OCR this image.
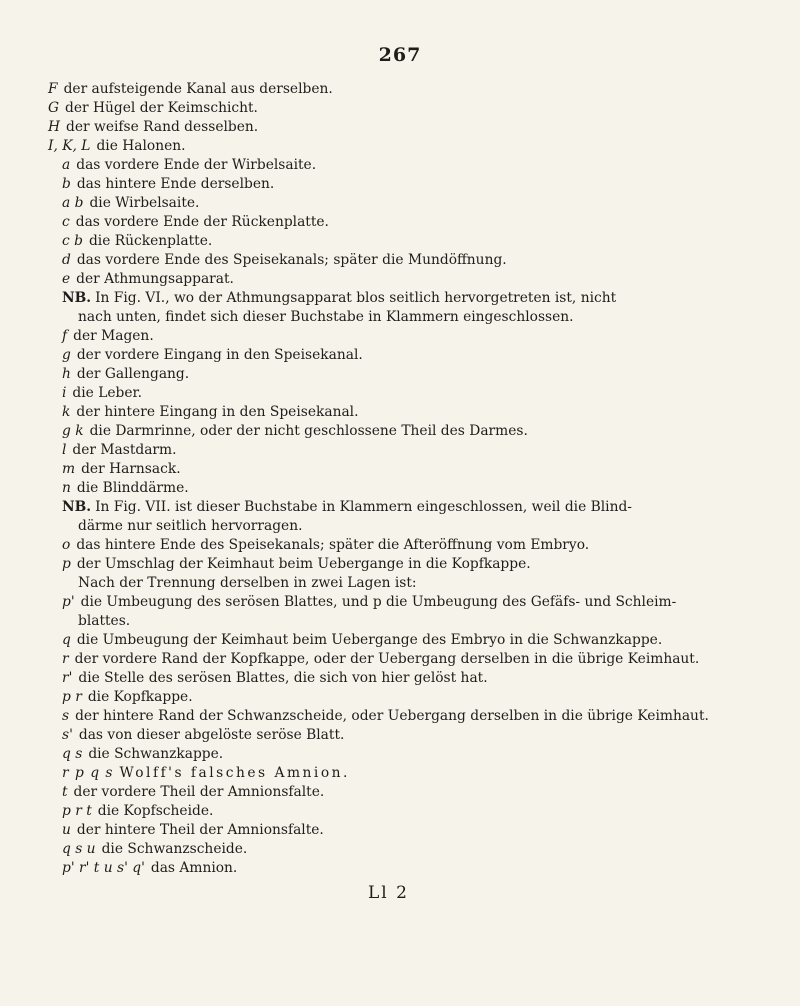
267
F der aufsteigende Kanal aus derselben.
G der Hügel der Keimschicht.
H der weifse Rand desselben.
I, K, L die Halonen.
a das vordere Ende der Wirbelsaite.
b das hintere Ende derselben.
a b die Wirbelsaite.
c das vordere Ende der Rückenplatte.
c b die Rückenplatte.
d das vordere Ende des Speisekanals; später die Mundöffnung.
e der Athmungsapparat.
NB. In Fig. VI., wo der Athmungsapparat blos seitlich hervorgetreten ist, nicht
nach unten, findet sich dieser Buchstabe in Klammern eingeschlossen.
f der Magen.
g der vordere Eingang in den Speisekanal.
h der Gallengang.
i die Leber.
k der hintere Eingang in den Speisekanal.
g k die Darmrinne, oder der nicht geschlossene Theil des Darmes.
l der Mastdarm.
m der Harnsack.
n die Blinddärme.
NB. In Fig. VII. ist dieser Buchstabe in Klammern eingeschlossen, weil die Blind-
därme nur seitlich hervorragen.
o das hintere Ende des Speisekanals; später die Afteröffnung vom Embryo.
p der Umschlag der Keimhaut beim Uebergange in die Kopfkappe.
Nach der Trennung derselben in zwei Lagen ist:
p' die Umbeugung des serösen Blattes, und p die Umbeugung des Gefäfs- und Schleim-
blattes.
q die Umbeugung der Keimhaut beim Uebergange des Embryo in die Schwanzkappe.
r der vordere Rand der Kopfkappe, oder der Uebergang derselben in die übrige Keimhaut.
r' die Stelle des serösen Blattes, die sich von hier gelöst hat.
p r die Kopfkappe.
s der hintere Rand der Schwanzscheide, oder Uebergang derselben in die übrige Keimhaut.
s' das von dieser abgelöste seröse Blatt.
q s die Schwanzkappe.
r p q s Wolff's falsches Amnion.
t der vordere Theil der Amnionsfalte.
p r t die Kopfscheide.
u der hintere Theil der Amnionsfalte.
q s u die Schwanzscheide.
p' r' t u s' q' das Amnion.
Ll 2
